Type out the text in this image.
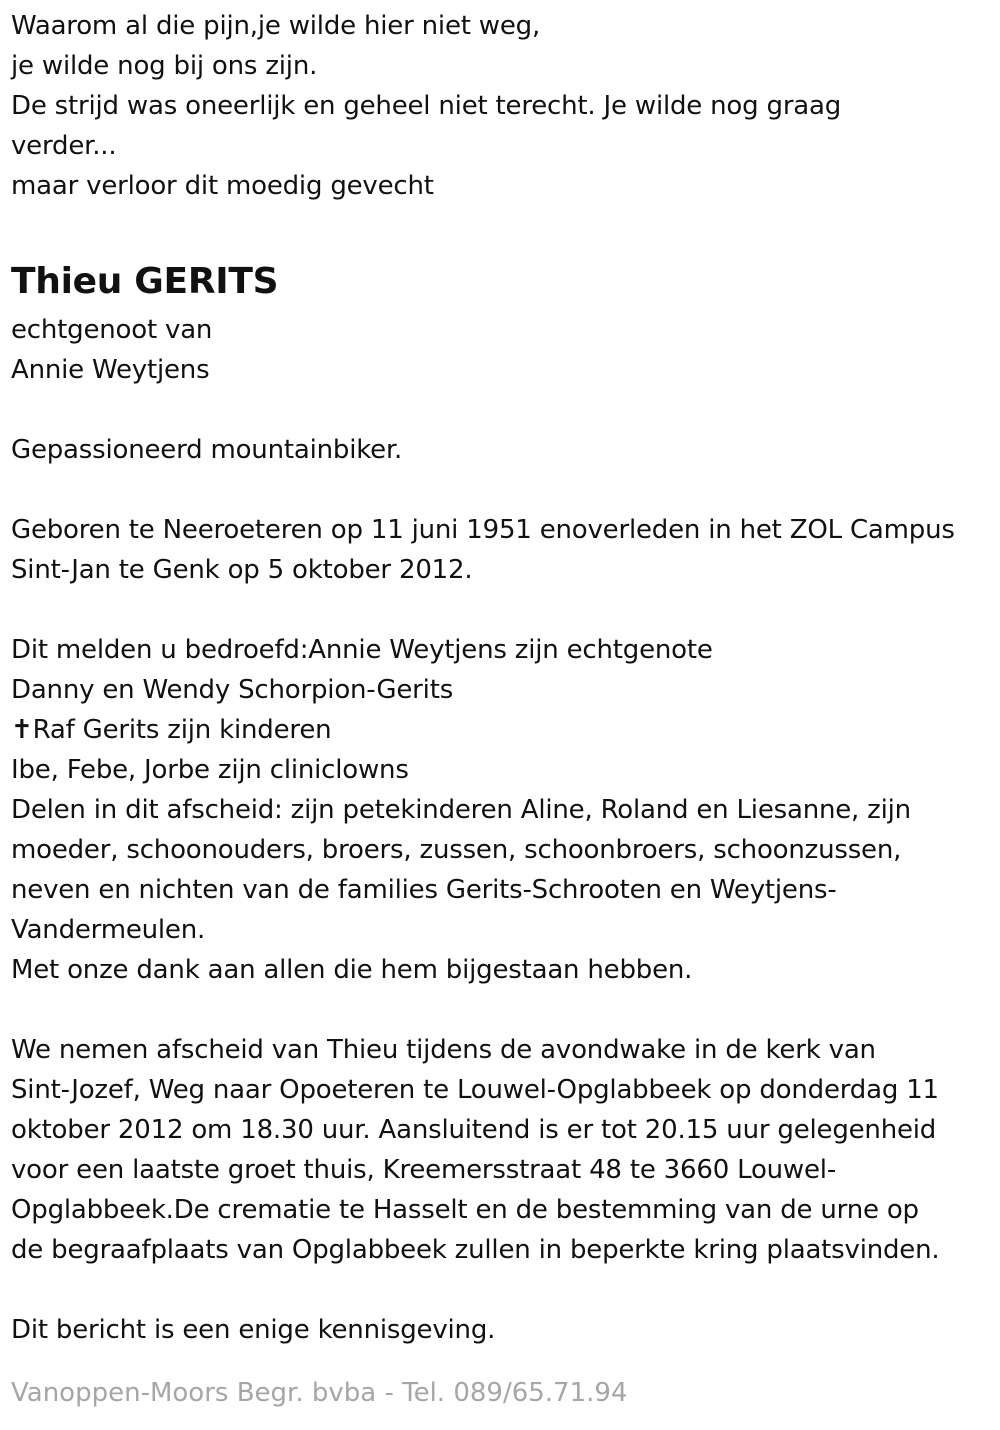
Waarom al die pijn,je wilde hier niet weg,
je wilde nog bij ons zijn.
De strijd was oneerlijk en geheel niet terecht. Je wilde nog graag
verder...
maar verloor dit moedig gevecht
Thieu GERITS
echtgenoot van
Annie Weytjens
Gepassioneerd mountainbiker.
Geboren te Neeroeteren op 11 juni 1951 enoverleden in het ZOL Campus
Sint-Jan te Genk op 5 oktober 2012.
Dit melden u bedroefd:Annie Weytjens zijn echtgenote
Danny en Wendy Schorpion-Gerits
✝Raf Gerits zijn kinderen
Ibe, Febe, Jorbe zijn cliniclowns
Delen in dit afscheid: zijn petekinderen Aline, Roland en Liesanne, zijn
moeder, schoonouders, broers, zussen, schoonbroers, schoonzussen,
neven en nichten van de families Gerits-Schrooten en Weytjens-
Vandermeulen.
Met onze dank aan allen die hem bijgestaan hebben.
We nemen afscheid van Thieu tijdens de avondwake in de kerk van
Sint-Jozef, Weg naar Opoeteren te Louwel-Opglabbeek op donderdag 11
oktober 2012 om 18.30 uur. Aansluitend is er tot 20.15 uur gelegenheid
voor een laatste groet thuis, Kreemersstraat 48 te 3660 Louwel-
Opglabbeek.De crematie te Hasselt en de bestemming van de urne op
de begraafplaats van Opglabbeek zullen in beperkte kring plaatsvinden.
Dit bericht is een enige kennisgeving.
Vanoppen-Moors Begr. bvba - Tel. 089/65.71.94
